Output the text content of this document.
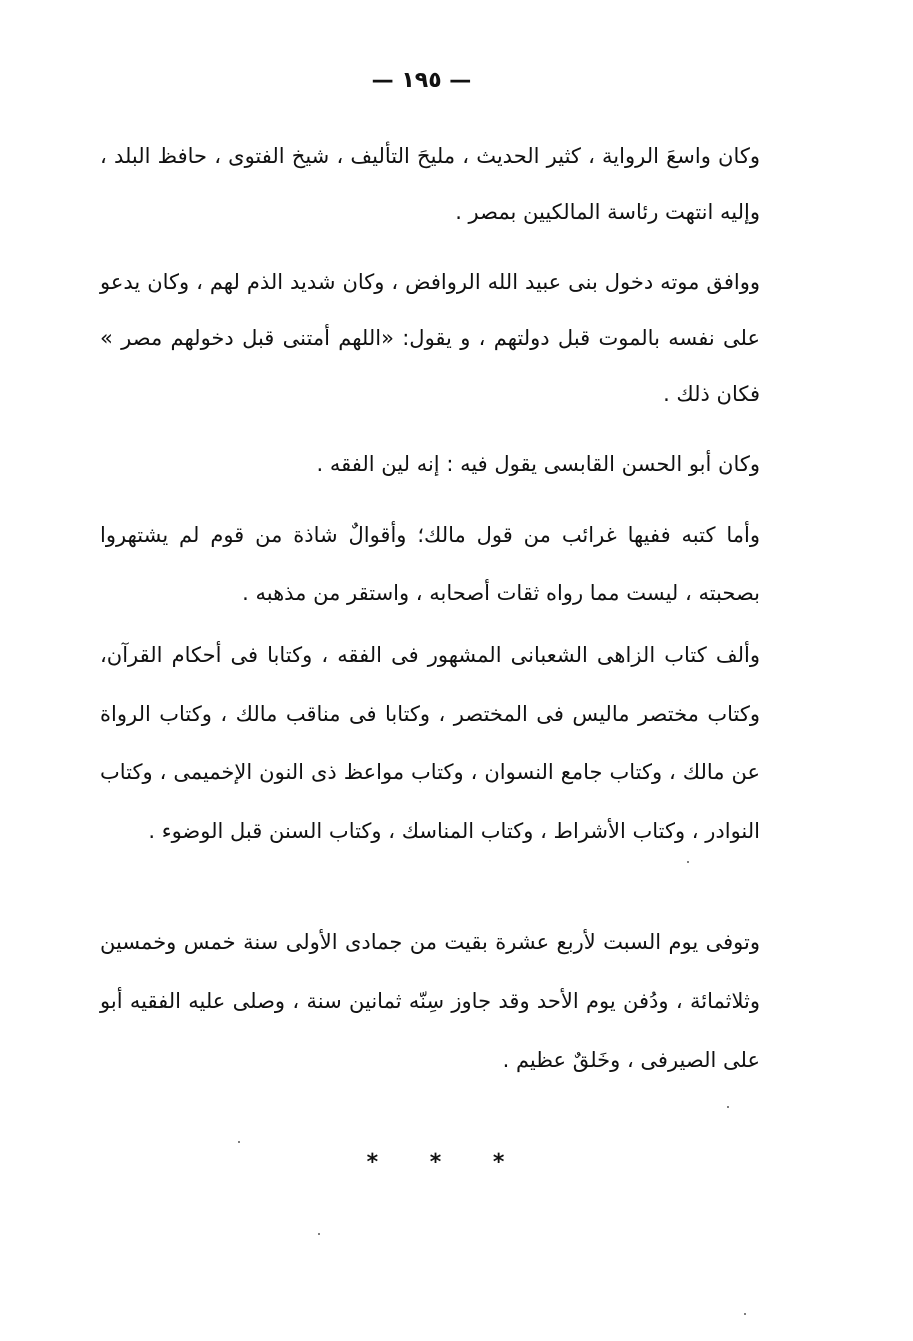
— ١٩٥ —

وكان واسعَ الرواية ، كثير الحديث ، مليحَ التأليف ، شيخ الفتوى ، حافظ البلد ، وإليه انتهت رئاسة المالكيين بمصر .

ووافق موته دخول بنى عبيد الله الروافض ، وكان شديد الذم لهم ، وكان يدعو على نفسه بالموت قبل دولتهم ، و يقول: «اللهم أمتنى قبل دخولهم مصر » فكان ذلك .

وكان أبو الحسن القابسى يقول فيه : إنه لين الفقه .

وأما كتبه ففيها غرائب من قول مالك؛ وأقوالٌ شاذة من قوم لم يشتهروا بصحبته ، ليست مما رواه ثقات أصحابه ، واستقر من مذهبه .

وألف كتاب الزاهى الشعبانى المشهور فى الفقه ، وكتابا فى أحكام القرآن، وكتاب مختصر ماليس فى المختصر ، وكتابا فى مناقب مالك ، وكتاب الرواة عن مالك ، وكتاب جامع النسوان ، وكتاب مواعظ ذى النون الإخميمى ، وكتاب النوادر ، وكتاب الأشراط ، وكتاب المناسك ، وكتاب السنن قبل الوضوء .

وتوفى يوم السبت لأربع عشرة بقيت من جمادى الأولى سنة خمس وخمسين وثلاثمائة ، ودُفن يوم الأحد وقد جاوز سِنّه ثمانين سنة ، وصلى عليه الفقيه أبو على الصيرفى ، وخَلقٌ عظيم .

* * *
